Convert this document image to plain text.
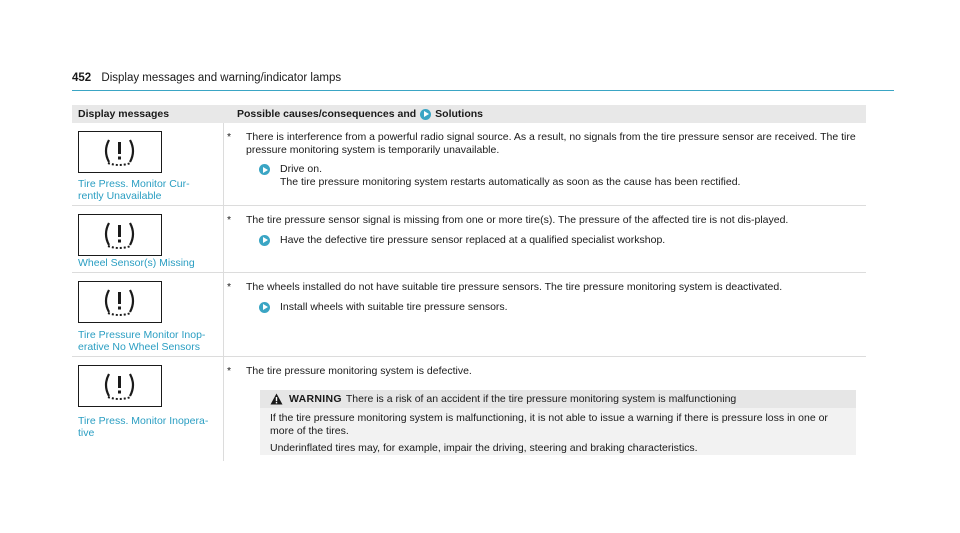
452 Display messages and warning/indicator lamps
Display messages	Possible causes/consequences and Solutions
Tire Press. Monitor Cur-
rently Unavailable
*	There is interference from a powerful radio signal source. As a result, no signals from the tire pressure sensor are received. The tire pressure monitoring system is temporarily unavailable.
Drive on.
The tire pressure monitoring system restarts automatically as soon as the cause has been rectified.
Wheel Sensor(s) Missing
*	The tire pressure sensor signal is missing from one or more tire(s). The pressure of the affected tire is not dis-played.
Have the defective tire pressure sensor replaced at a qualified specialist workshop.
Tire Pressure Monitor Inop-
erative No Wheel Sensors
*	The wheels installed do not have suitable tire pressure sensors. The tire pressure monitoring system is deactivated.
Install wheels with suitable tire pressure sensors.
Tire Press. Monitor Inopera-
tive
*	The tire pressure monitoring system is defective.
WARNING There is a risk of an accident if the tire pressure monitoring system is malfunctioning

If the tire pressure monitoring system is malfunctioning, it is not able to issue a warning if there is pressure loss in one or more of the tires.

Underinflated tires may, for example, impair the driving, steering and braking characteristics.
